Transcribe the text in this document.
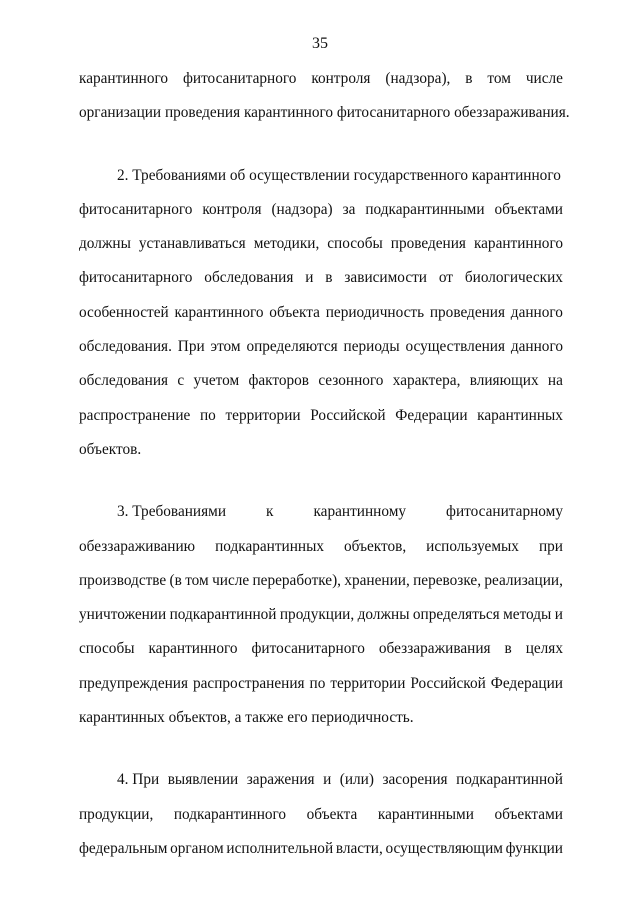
35
карантинного фитосанитарного контроля (надзора), в том числе
организации проведения карантинного фитосанитарного обеззараживания.
2. Требованиями об осуществлении государственного карантинного
фитосанитарного контроля (надзора) за подкарантинными объектами
должны устанавливаться методики, способы проведения карантинного
фитосанитарного обследования и в зависимости от биологических
особенностей карантинного объекта периодичность проведения данного
обследования. При этом определяются периоды осуществления данного
обследования с учетом факторов сезонного характера, влияющих на
распространение по территории Российской Федерации карантинных
объектов.
3. Требованиями	к	карантинному	фитосанитарному
обеззараживанию подкарантинных объектов, используемых при
производстве (в том числе переработке), хранении, перевозке, реализации,
уничтожении подкарантинной продукции, должны определяться методы и
способы карантинного фитосанитарного обеззараживания в целях
предупреждения распространения по территории Российской Федерации
карантинных объектов, а также его периодичность.
4. При выявлении заражения и (или) засорения подкарантинной
продукции, подкарантинного объекта карантинными объектами
федеральным органом исполнительной власти, осуществляющим функции
